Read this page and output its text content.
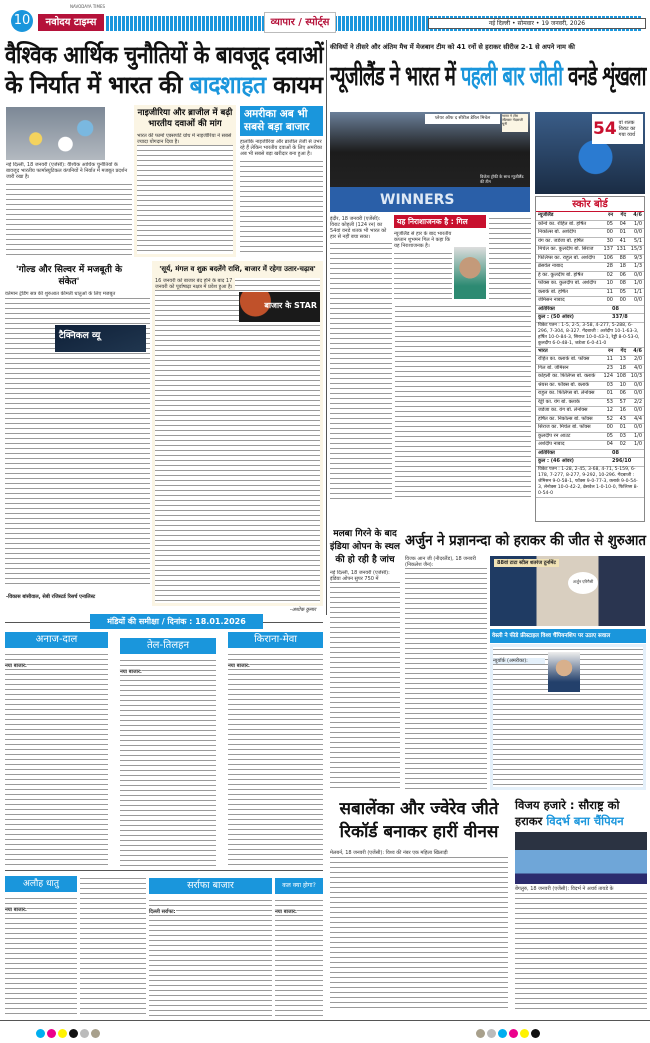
10
NAVODAYA TIMES
नवोदय टाइम्स	व्यापार / स्पोर्ट्स	नई दिल्ली • सोमवार • 19 जनवरी, 2026
वैश्विक आर्थिक चुनौतियों के बावजूद दवाओं
के निर्यात में भारत की बादशाहत कायम
नई दिल्ली, 18 जनवरी (एजेंसी): वैश्विक आर्थिक चुनौतियों के बावजूद भारतीय फार्मास्युटिकल कंपनियों ने निर्यात में मजबूत प्रदर्शन जारी रखा है।
नाइजीरिया और ब्राजील में बढ़ी भारतीय दवाओं की मांग
भारत की फार्मा एक्सपोर्ट ग्रोथ में नाइजीरिया ने सबसे ज्यादा योगदान दिया है।
अमरीका अब भी सबसे बड़ा बाजार
हालांकि नाइजीरिया और ब्राजील तेजी से उभर रहे हैं लेकिन भारतीय दवाओं के लिए अमरीका अब भी सबसे बड़ा खरीदार बना हुआ है।
'गोल्ड और सिल्वर में मजबूती के संकेत'
वर्तमान ट्रेडिंग सत्र की शुरुआत कीमती धातुओं के लिए मजबूत
टैक्निकल व्यू
-विकास बांसीवाल, सेबी रजिस्टर्ड रिसर्च एनालिस्ट
'सूर्य, मंगल व शुक्र बदलेंगे राशि, बाजार में रहेगा उतार-चढ़ाव'
16 जनवरी को बाजार बंद होने के बाद 17 जनवरी को पूर्वाषाढ़ा नक्षत्र में प्रवेश हुआ है।
बाजार के STAR
-अशोक कुमार
मंडियों की समीक्षा / दिनांक : 18.01.2026
अनाज-दाल
नया बाजार:
तेल-तिलहन
नया बाजार:
किराना-मेवा
नया बाजार:
अलौह धातु
नया बाजार:
सर्राफा बाजार
दिल्ली सर्राफा:
कल क्या होगा?
नया बाजार:
कीवियों ने तीसरे और अंतिम मैच में मेजबान टीम को 41 रनों से हराकर सीरीज 2-1 से अपने नाम की
न्यूजीलैंड ने भारत में पहली बार जीती वनडे शृंखला
प्लेयर ऑफ द सीरीज डेरिल मिचेल	भारत ने टॉस जीतकर गेंदबाजी चुनी
WINNERS
विजेता ट्रॉफी के साथ न्यूजीलैंड की टीम
54 वां शतक विराट का गया व्यर्थ
इंदौर, 18 जनवरी (एजेंसी): विराट कोहली (124 रन) का 54वां वनडे शतक भी भारत को हार से नहीं बचा सका।
यह निराशाजनक है : गिल
न्यूजीलैंड से हार के बाद भारतीय कप्तान शुभमन गिल ने कहा कि यह निराशाजनक है।
स्कोर बोर्ड
न्यूजीलैंड	रन	गेंद	4/6
कॉन्वे का. रोहित बो. हर्षित	05	04	1/0
निकोल्स बो. अर्शदीप	00	01	0/0
यंग का. जडेजा बो. हर्षित	30	41	5/1
मिचेल का. कुलदीप बो. सिराज	137 131 15/3
फिलिप्स का. राहुल बो. अर्शदीप	106	88	9/3
ब्रेसवेल नाबाद	28	18	1/3
हे का. कुलदीप बो. हर्षित	02	06	0/0
फॉक्स का. कुलदीप बो. अर्शदीप	10	08	1/0
क्लार्क बो. हर्षित	11	05	1/1
जेमिसन नाबाद	00	00	0/0
अतिरिक्त	08
कुल : (50 ओवर)	337/8
विकेट पतन : 1-5, 2-5, 3-58, 4-277, 5-288, 6-296, 7-304, 8-327. गेंदबाजी : अर्शदीप 10-1-63-3, हर्षित 10-0-84-3, सिराज 10-0-43-1, रेड्डी 8-0-53-0, कुलदीप 6-0-48-1, जडेजा 6-0-41-0
भारत	रन	गेंद	4/6
रोहित का. क्लार्क बो. फॉक्स	11	13	2/0
गिल बो. जेमिसन	23	18	4/0
कोहली का. फिलिप्स बो. क्लार्क	124 108 10/3
श्रेयस का. फॉक्स बो. क्लार्क	03	10	0/0
राहुल का. फिलिप्स बो. लेनोक्स	01	06	0/0
रेड्डी का. यंग बो. क्लार्क	53	57	2/2
जडेजा का. यंग बो. लेनोक्स	12	16	0/0
हर्षित का. निकोल्स बो. फॉक्स	52	43	4/4
सिराज का. मिचेल बो. फॉक्स	00	01	0/0
कुलदीप रन आउट	05	03	1/0
अर्शदीप नाबाद	04	02	1/0
अतिरिक्त	08
कुल : (46 ओवर)	296/10
विकेट पतन : 1-28, 2-45, 3-68, 4-71, 5-159, 6-178, 7-277, 8-277, 9-292, 10-296. गेंदबाजी : जेमिसन 9-0-58-1, फॉक्स 9-0-77-3, क्लार्क 9-0-54-3, लेनोक्स 10-0-42-2, ब्रेसवेल 1-0-10-0, फिलिप्स 8-0-54-0
मलबा गिरने के बाद इंडिया ओपन के स्थल की हो रही है जांच
नई दिल्ली, 18 जनवरी (एजेंसी): इंडिया ओपन सुपर 750 में
अर्जुन ने प्रज्ञानन्दा को हराकर की जीत से शुरुआत
विज्क आन जी (नीदरलैंड), 18 जनवरी (निकलेश जैन):	88वां टाटा स्टील शतरंज टूर्नामेंट
अर्जुन एरिगैसी
वेस्ली ने फीडे फ्रीस्टाइल विश्व चैंपियनशिप पर उठाए सवाल
न्यूयॉर्क (अमरीका):
सबालेंका और ज्वेरेव जीते
रिकॉर्ड बनाकर हारीं वीनस
मेलबर्न, 18 जनवरी (एजेंसी): विश्व की नंबर एक महिला खिलाड़ी
विजय हजारे : सौराष्ट्र को
हराकर विदर्भ बना चैंपियन
बेंगलुरु, 18 जनवरी (एजेंसी): विदर्भ ने अथर्व तायडे के
